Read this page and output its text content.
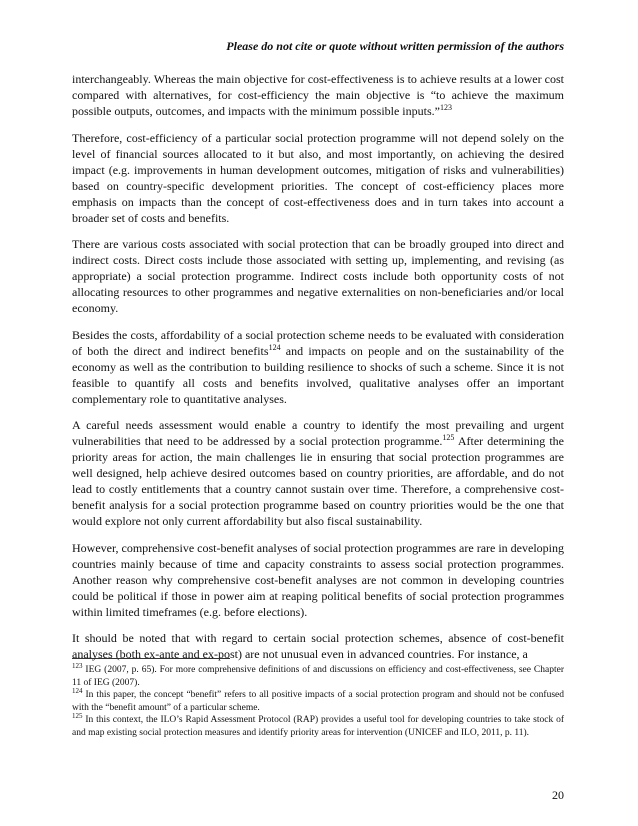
Please do not cite or quote without written permission of the authors

interchangeably. Whereas the main objective for cost-effectiveness is to achieve results at a lower cost compared with alternatives, for cost-efficiency the main objective is “to achieve the maximum possible outputs, outcomes, and impacts with the minimum possible inputs.”$^{123}$

Therefore, cost-efficiency of a particular social protection programme will not depend solely on the level of financial sources allocated to it but also, and most importantly, on achieving the desired impact (e.g. improvements in human development outcomes, mitigation of risks and vulnerabilities) based on country-specific development priorities. The concept of cost-efficiency places more emphasis on impacts than the concept of cost-effectiveness does and in turn takes into account a broader set of costs and benefits.

There are various costs associated with social protection that can be broadly grouped into direct and indirect costs. Direct costs include those associated with setting up, implementing, and revising (as appropriate) a social protection programme. Indirect costs include both opportunity costs of not allocating resources to other programmes and negative externalities on non-beneficiaries and/or local economy.

Besides the costs, affordability of a social protection scheme needs to be evaluated with consideration of both the direct and indirect benefits$^{124}$ and impacts on people and on the sustainability of the economy as well as the contribution to building resilience to shocks of such a scheme. Since it is not feasible to quantify all costs and benefits involved, qualitative analyses offer an important complementary role to quantitative analyses.

A careful needs assessment would enable a country to identify the most prevailing and urgent vulnerabilities that need to be addressed by a social protection programme.$^{125}$ After determining the priority areas for action, the main challenges lie in ensuring that social protection programmes are well designed, help achieve desired outcomes based on country priorities, are affordable, and do not lead to costly entitlements that a country cannot sustain over time. Therefore, a comprehensive cost-benefit analysis for a social protection programme based on country priorities would be the one that would explore not only current affordability but also fiscal sustainability.

However, comprehensive cost-benefit analyses of social protection programmes are rare in developing countries mainly because of time and capacity constraints to assess social protection programmes. Another reason why comprehensive cost-benefit analyses are not common in developing countries could be political if those in power aim at reaping political benefits of social protection programmes within limited timeframes (e.g. before elections).

It should be noted that with regard to certain social protection schemes, absence of cost-benefit analyses (both ex-ante and ex-post) are not unusual even in advanced countries. For instance, a

$^{123}$ IEG (2007, p. 65). For more comprehensive definitions of and discussions on efficiency and cost-effectiveness, see Chapter 11 of IEG (2007).

$^{124}$ In this paper, the concept “benefit” refers to all positive impacts of a social protection program and should not be confused with the “benefit amount” of a particular scheme.

$^{125}$ In this context, the ILO’s Rapid Assessment Protocol (RAP) provides a useful tool for developing countries to take stock of and map existing social protection measures and identify priority areas for intervention (UNICEF and ILO, 2011, p. 11).

20
